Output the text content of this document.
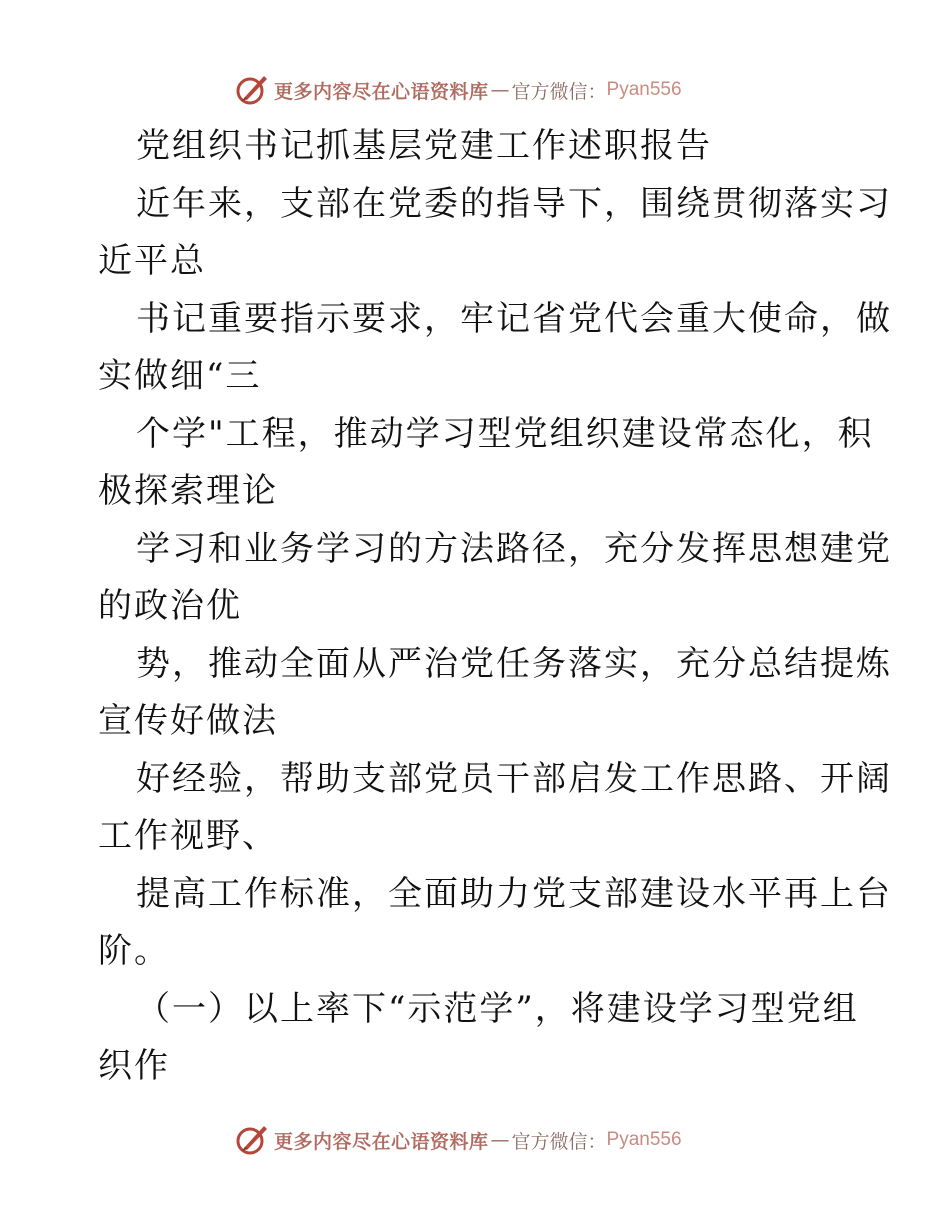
更多内容尽在心语资料库 — 官方微信： Pyan556
党组织书记抓基层党建工作述职报告
近年来，支部在党委的指导下，围绕贯彻落实习
近平总
书记重要指示要求，牢记省党代会重大使命，做
实做细“三
个学"工程，推动学习型党组织建设常态化，积
极探索理论
学习和业务学习的方法路径，充分发挥思想建党
的政治优
势，推动全面从严治党任务落实，充分总结提炼
宣传好做法
好经验，帮助支部党员干部启发工作思路、开阔
工作视野、
提高工作标准，全面助力党支部建设水平再上台
阶。
（一）以上率下“示范学”，将建设学习型党组
织作
更多内容尽在心语资料库 — 官方微信： Pyan556
